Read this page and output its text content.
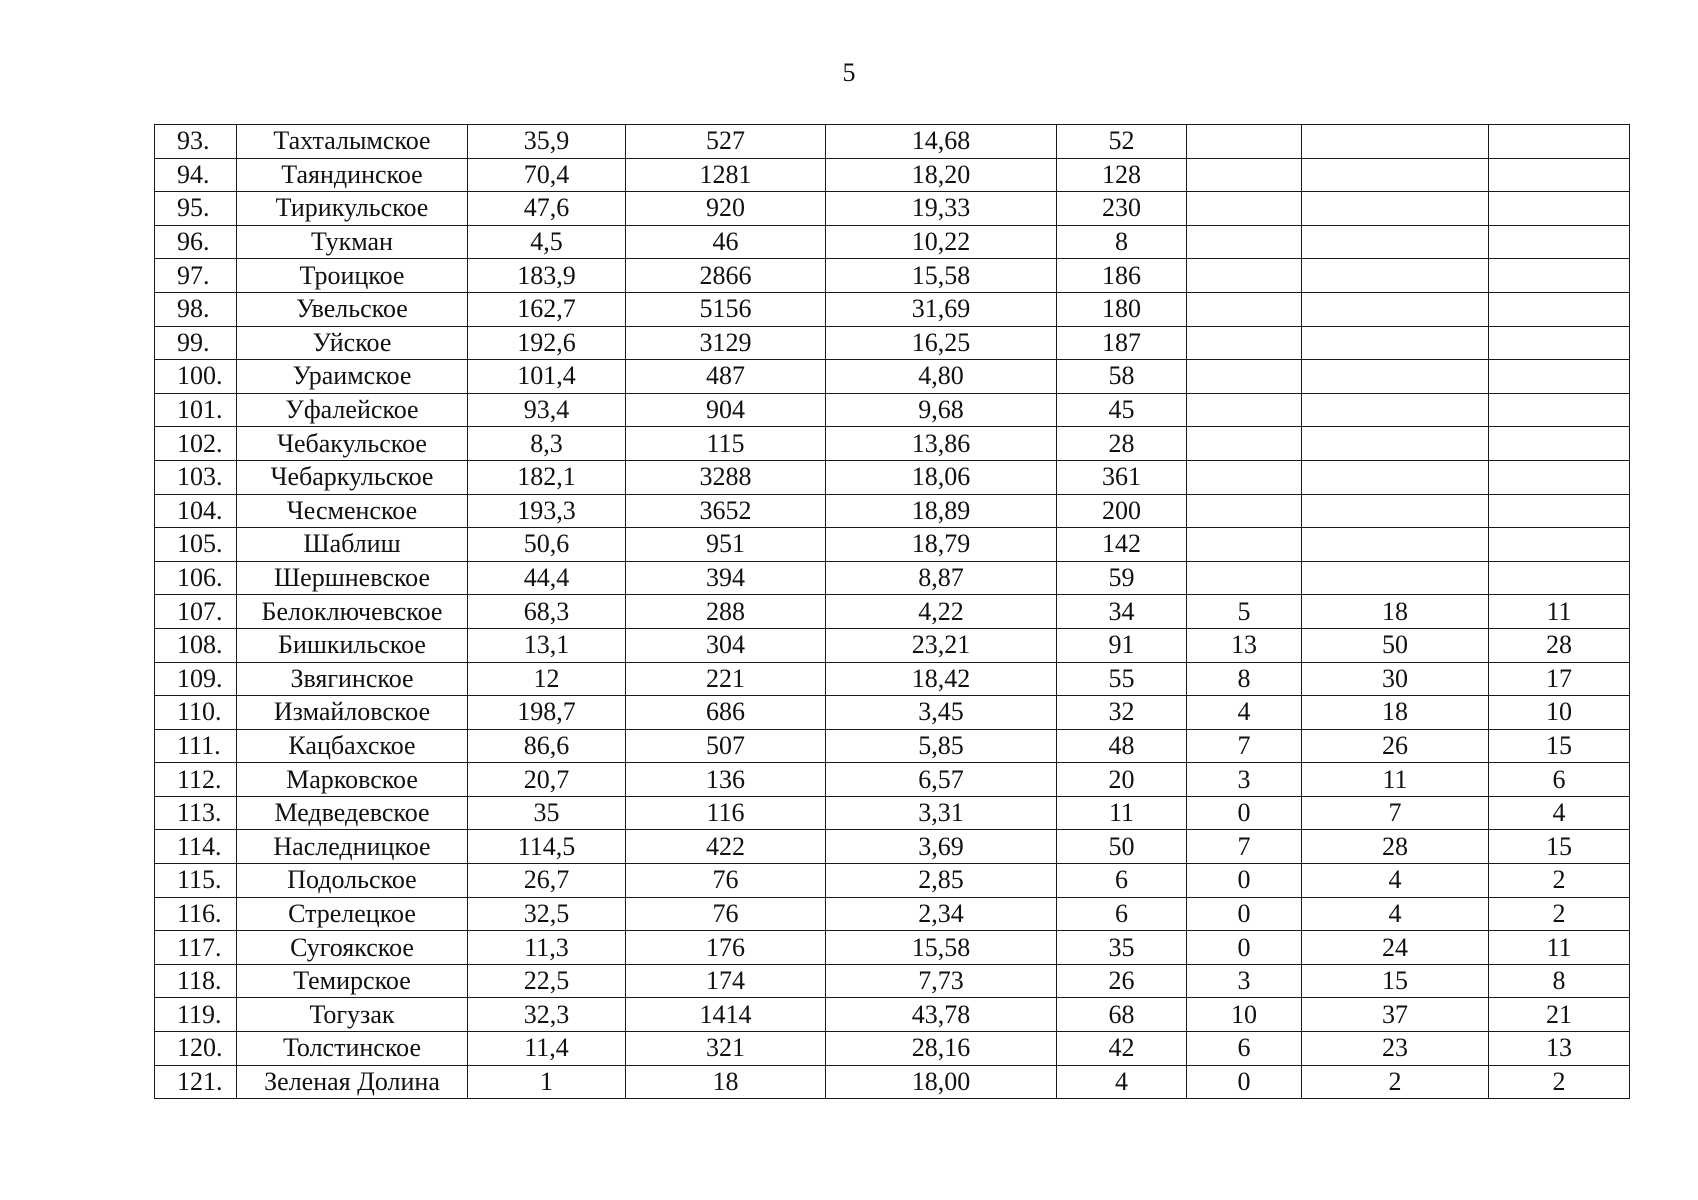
5
93.	Тахталымское	35,9	527	14,68	52			
94.	Таяндинское	70,4	1281	18,20	128			
95.	Тирикульское	47,6	920	19,33	230			
96.	Тукман	4,5	46	10,22	8			
97.	Троицкое	183,9	2866	15,58	186			
98.	Увельское	162,7	5156	31,69	180			
99.	Уйское	192,6	3129	16,25	187			
100.	Ураимское	101,4	487	4,80	58			
101.	Уфалейское	93,4	904	9,68	45			
102.	Чебакульское	8,3	115	13,86	28			
103.	Чебаркульское	182,1	3288	18,06	361			
104.	Чесменское	193,3	3652	18,89	200			
105.	Шаблиш	50,6	951	18,79	142			
106.	Шершневское	44,4	394	8,87	59			
107.	Белоключевское	68,3	288	4,22	34	5	18	11
108.	Бишкильское	13,1	304	23,21	91	13	50	28
109.	Звягинское	12	221	18,42	55	8	30	17
110.	Измайловское	198,7	686	3,45	32	4	18	10
111.	Кацбахское	86,6	507	5,85	48	7	26	15
112.	Марковское	20,7	136	6,57	20	3	11	6
113.	Медведевское	35	116	3,31	11	0	7	4
114.	Наследницкое	114,5	422	3,69	50	7	28	15
115.	Подольское	26,7	76	2,85	6	0	4	2
116.	Стрелецкое	32,5	76	2,34	6	0	4	2
117.	Сугоякское	11,3	176	15,58	35	0	24	11
118.	Темирское	22,5	174	7,73	26	3	15	8
119.	Тогузак	32,3	1414	43,78	68	10	37	21
120.	Толстинское	11,4	321	28,16	42	6	23	13
121.	Зеленая Долина	1	18	18,00	4	0	2	2
